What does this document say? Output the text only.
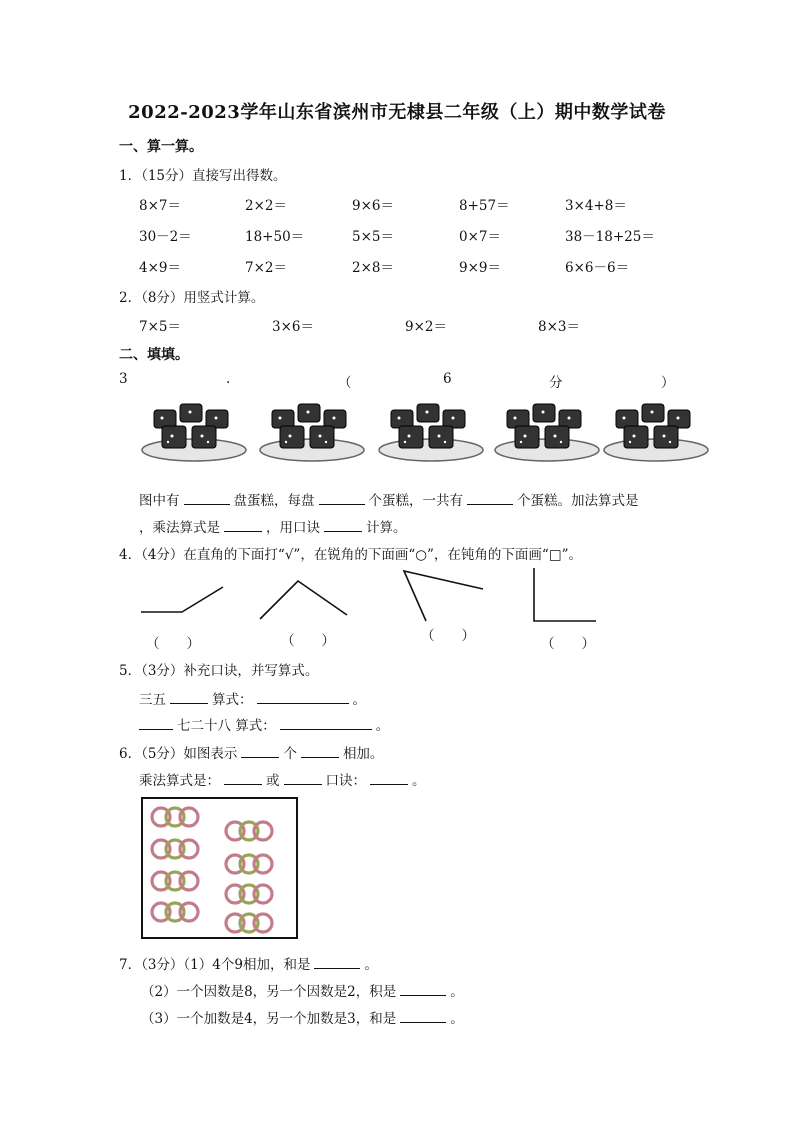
2022-2023学年山东省滨州市无棣县二年级（上）期中数学试卷
一、算一算。
1．（15分）直接写出得数。
8×7＝	2×2＝	9×6＝	8+57＝	3×4+8＝
30－2＝	18+50＝	5×5＝	0×7＝	38－18+25＝
4×9＝	7×2＝	2×8＝	9×9＝	6×6－6＝
2．（8分）用竖式计算。
7×5＝	3×6＝	9×2＝	8×3＝
二、填填。
3	.	（	6	分	）
图中有	盘蛋糕，每盘	个蛋糕，一共有	个蛋糕。加法算式是
，乘法算式是	，用口诀	计算。
4．（4分）在直角的下面打“√”，在锐角的下面画“○”，在钝角的下面画“□”。
（　　）	（　　）	（　　）	（　　）
5．（3分）补充口诀，并写算式。
三五	算式：	。
七二十八 算式：	。
6．（5分）如图表示	个	相加。
乘法算式是：	或	口诀：	。
7．（3分）（1）4个9相加，和是	。
（2）一个因数是8，另一个因数是2，积是	。
（3）一个加数是4，另一个加数是3，和是	。
